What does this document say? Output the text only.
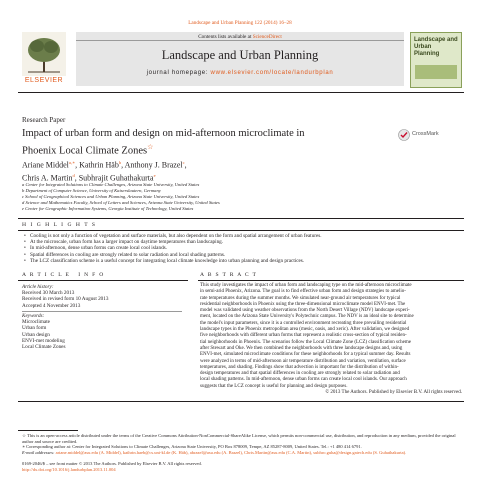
Landscape and Urban Planning 122 (2014) 16–28
ELSEVIER
Contents lists available at ScienceDirect
Landscape and Urban Planning
journal homepage: www.elsevier.com/locate/landurbplan
Landscape and Urban Planning
Research Paper
Impact of urban form and design on mid-afternoon microclimate in
Phoenix Local Climate Zones☆
CrossMark
Ariane Middel$^{a,∗}$, Kathrin Häb$^b$, Anthony J. Brazel$^c$,
Chris A. Martin$^d$, Subhrajit Guhathakurta$^e$
a Center for Integrated Solutions to Climate Challenges, Arizona State University, United States
b Department of Computer Science, University of Kaiserslautern, Germany
c School of Geographical Sciences and Urban Planning, Arizona State University, United States
d Science and Mathematics Faculty, School of Letters and Sciences, Arizona State University, United States
e Center for Geographic Information Systems, Georgia Institute of Technology, United States
H I G H L I G H T S
• Cooling is not only a function of vegetation and surface materials, but also dependent on the form and spatial arrangement of urban features.
• At the microscale, urban form has a larger impact on daytime temperatures than landscaping.
• In mid-afternoon, dense urban forms can create local cool islands.
• Spatial differences in cooling are strongly related to solar radiation and local shading patterns.
• The LCZ classification scheme is a useful concept for integrating local climate knowledge into urban planning and design practices.
A R T I C L E   I N F O
Article history:
Received 30 March 2013
Received in revised form 10 August 2013
Accepted 4 November 2013
Keywords:
Microclimate
Urban form
Urban design
ENVI-met modeling
Local Climate Zones
A B S T R A C T
This study investigates the impact of urban form and landscaping type on the mid-afternoon microclimate
in semi-arid Phoenix, Arizona. The goal is to find effective urban form and design strategies to amelio-
rate temperatures during the summer months. We simulated near-ground air temperatures for typical
residential neighborhoods in Phoenix using the three-dimensional microclimate model ENVI-met. The
model was validated using weather observations from the North Desert Village (NDV) landscape experi-
ment, located on the Arizona State University's Polytechnic campus. The NDV is an ideal site to determine
the model's input parameters, since it is a controlled environment recreating three prevailing residential
landscape types in the Phoenix metropolitan area (mesic, oasis, and xeric). After validation, we designed
five neighborhoods with different urban forms that represent a realistic cross-section of typical residen-
tial neighborhoods in Phoenix. The scenarios follow the Local Climate Zone (LCZ) classification scheme
after Stewart and Oke. We then combined the neighborhoods with three landscape designs and, using
ENVI-met, simulated microclimate conditions for these neighborhoods for a typical summer day. Results
were analyzed in terms of mid-afternoon air temperature distribution and variation, ventilation, surface
temperatures, and shading. Findings show that advection is important for the distribution of within-
design temperatures and that spatial differences in cooling are strongly related to solar radiation and
local shading patterns. In mid-afternoon, dense urban forms can create local cool islands. Our approach
suggests that the LCZ concept is useful for planning and design purposes.
© 2013 The Authors. Published by Elsevier B.V. All rights reserved.
☆ This is an open-access article distributed under the terms of the Creative Commons Attribution-NonCommercial-ShareAlike License, which permits non-commercial use, distribution, and reproduction in any medium, provided the original author and source are credited.
∗ Corresponding author at: Center for Integrated Solutions to Climate Challenges, Arizona State University, PO Box 878009, Tempe, AZ 85287-8009, United States. Tel.: +1 480 414 6791.
E-mail addresses: ariane.middel@asu.edu (A. Middel), kathrin.haeb@cs.uni-kl.de (K. Häb), abrazel@asu.edu (A. Brazel), Chris.Martin@asu.edu (C.A. Martin), subhro.guha@design.gatech.edu (S. Guhathakurta).
0169-2046/$ – see front matter © 2013 The Authors. Published by Elsevier B.V. All rights reserved.
http://dx.doi.org/10.1016/j.landurbplan.2013.11.004
